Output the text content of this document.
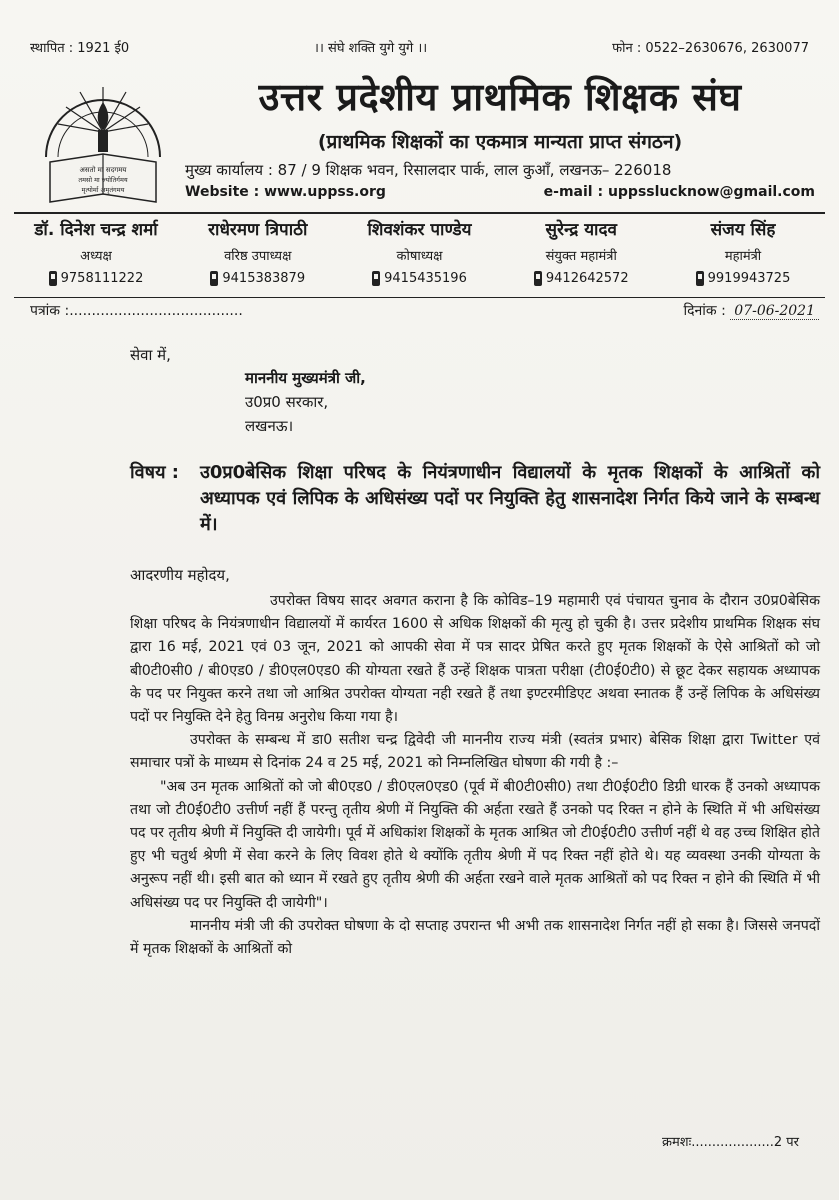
स्थापित : 1921 ई0	।। संघे शक्ति युगे युगे ।।	फोन : 0522–2630676, 2630077
असतो मा सदगमय
तमसो मा ज्योतिर्गमय
मृत्योर्मा अमृतंगमय
उत्तर प्रदेशीय प्राथमिक शिक्षक संघ
(प्राथमिक शिक्षकों का एकमात्र मान्यता प्राप्त संगठन)
मुख्य कार्यालय : 87 / 9 शिक्षक भवन, रिसालदार पार्क, लाल कुआँ, लखनऊ– 226018
Website : www.uppss.org	e-mail : uppsslucknow@gmail.com
डॉ. दिनेश चन्द्र शर्मा
अध्यक्ष
9758111222
राधेरमण त्रिपाठी
वरिष्ठ उपाध्यक्ष
9415383879
शिवशंकर पाण्डेय
कोषाध्यक्ष
9415435196
सुरेन्द्र यादव
संयुक्त महामंत्री
9412642572
संजय सिंह
महामंत्री
9919943725
पत्रांक :.......................................	दिनांक : 07-06-2021
सेवा में,
माननीय मुख्यमंत्री जी,
उ0प्र0 सरकार,
लखनऊ।
विषय : उ0प्र0बेसिक शिक्षा परिषद के नियंत्रणाधीन विद्यालयों के मृतक शिक्षकों के आश्रितों को अध्यापक एवं लिपिक के अधिसंख्य पदों पर नियुक्ति हेतु शासनादेश निर्गत किये जाने के सम्बन्ध में।
आदरणीय महोदय,

उपरोक्त विषय सादर अवगत कराना है कि कोविड–19 महामारी एवं पंचायत चुनाव के दौरान उ0प्र0बेसिक शिक्षा परिषद के नियंत्रणाधीन विद्यालयों में कार्यरत 1600 से अधिक शिक्षकों की मृत्यु हो चुकी है। उत्तर प्रदेशीय प्राथमिक शिक्षक संघ द्वारा 16 मई, 2021 एवं 03 जून, 2021 को आपकी सेवा में पत्र सादर प्रेषित करते हुए मृतक शिक्षकों के ऐसे आश्रितों को जो बी0टी0सी0 / बी0एड0 / डी0एल0एड0 की योग्यता रखते हैं उन्हें शिक्षक पात्रता परीक्षा (टी0ई0टी0) से छूट देकर सहायक अध्यापक के पद पर नियुक्त करने तथा जो आश्रित उपरोक्त योग्यता नही रखते हैं तथा इण्टरमीडिएट अथवा स्नातक हैं उन्हें लिपिक के अधिसंख्य पदों पर नियुक्ति देने हेतु विनम्र अनुरोध किया गया है।

उपरोक्त के सम्बन्ध में डा0 सतीश चन्द्र द्विवेदी जी माननीय राज्य मंत्री (स्वतंत्र प्रभार) बेसिक शिक्षा द्वारा Twitter एवं समाचार पत्रों के माध्यम से दिनांक 24 व 25 मई, 2021 को निम्नलिखित घोषणा की गयी है :–

"अब उन मृतक आश्रितों को जो बी0एड0 / डी0एल0एड0 (पूर्व में बी0टी0सी0) तथा टी0ई0टी0 डिग्री धारक हैं उनको अध्यापक तथा जो टी0ई0टी0 उत्तीर्ण नहीं हैं परन्तु तृतीय श्रेणी में नियुक्ति की अर्हता रखते हैं उनको पद रिक्त न होने के स्थिति में भी अधिसंख्य पद पर तृतीय श्रेणी में नियुक्ति दी जायेगी। पूर्व में अधिकांश शिक्षकों के मृतक आश्रित जो टी0ई0टी0 उत्तीर्ण नहीं थे वह उच्च शिक्षित होते हुए भी चतुर्थ श्रेणी में सेवा करने के लिए विवश होते थे क्योंकि तृतीय श्रेणी में पद रिक्त नहीं होते थे। यह व्यवस्था उनकी योग्यता के अनुरूप नहीं थी। इसी बात को ध्यान में रखते हुए तृतीय श्रेणी की अर्हता रखने वाले मृतक आश्रितों को पद रिक्त न होने की स्थिति में भी अधिसंख्य पद पर नियुक्ति दी जायेगी"।

माननीय मंत्री जी की उपरोक्त घोषणा के दो सप्ताह उपरान्त भी अभी तक शासनादेश निर्गत नहीं हो सका है। जिससे जनपदों में मृतक शिक्षकों के आश्रितों को

क्रमशः....................2 पर
